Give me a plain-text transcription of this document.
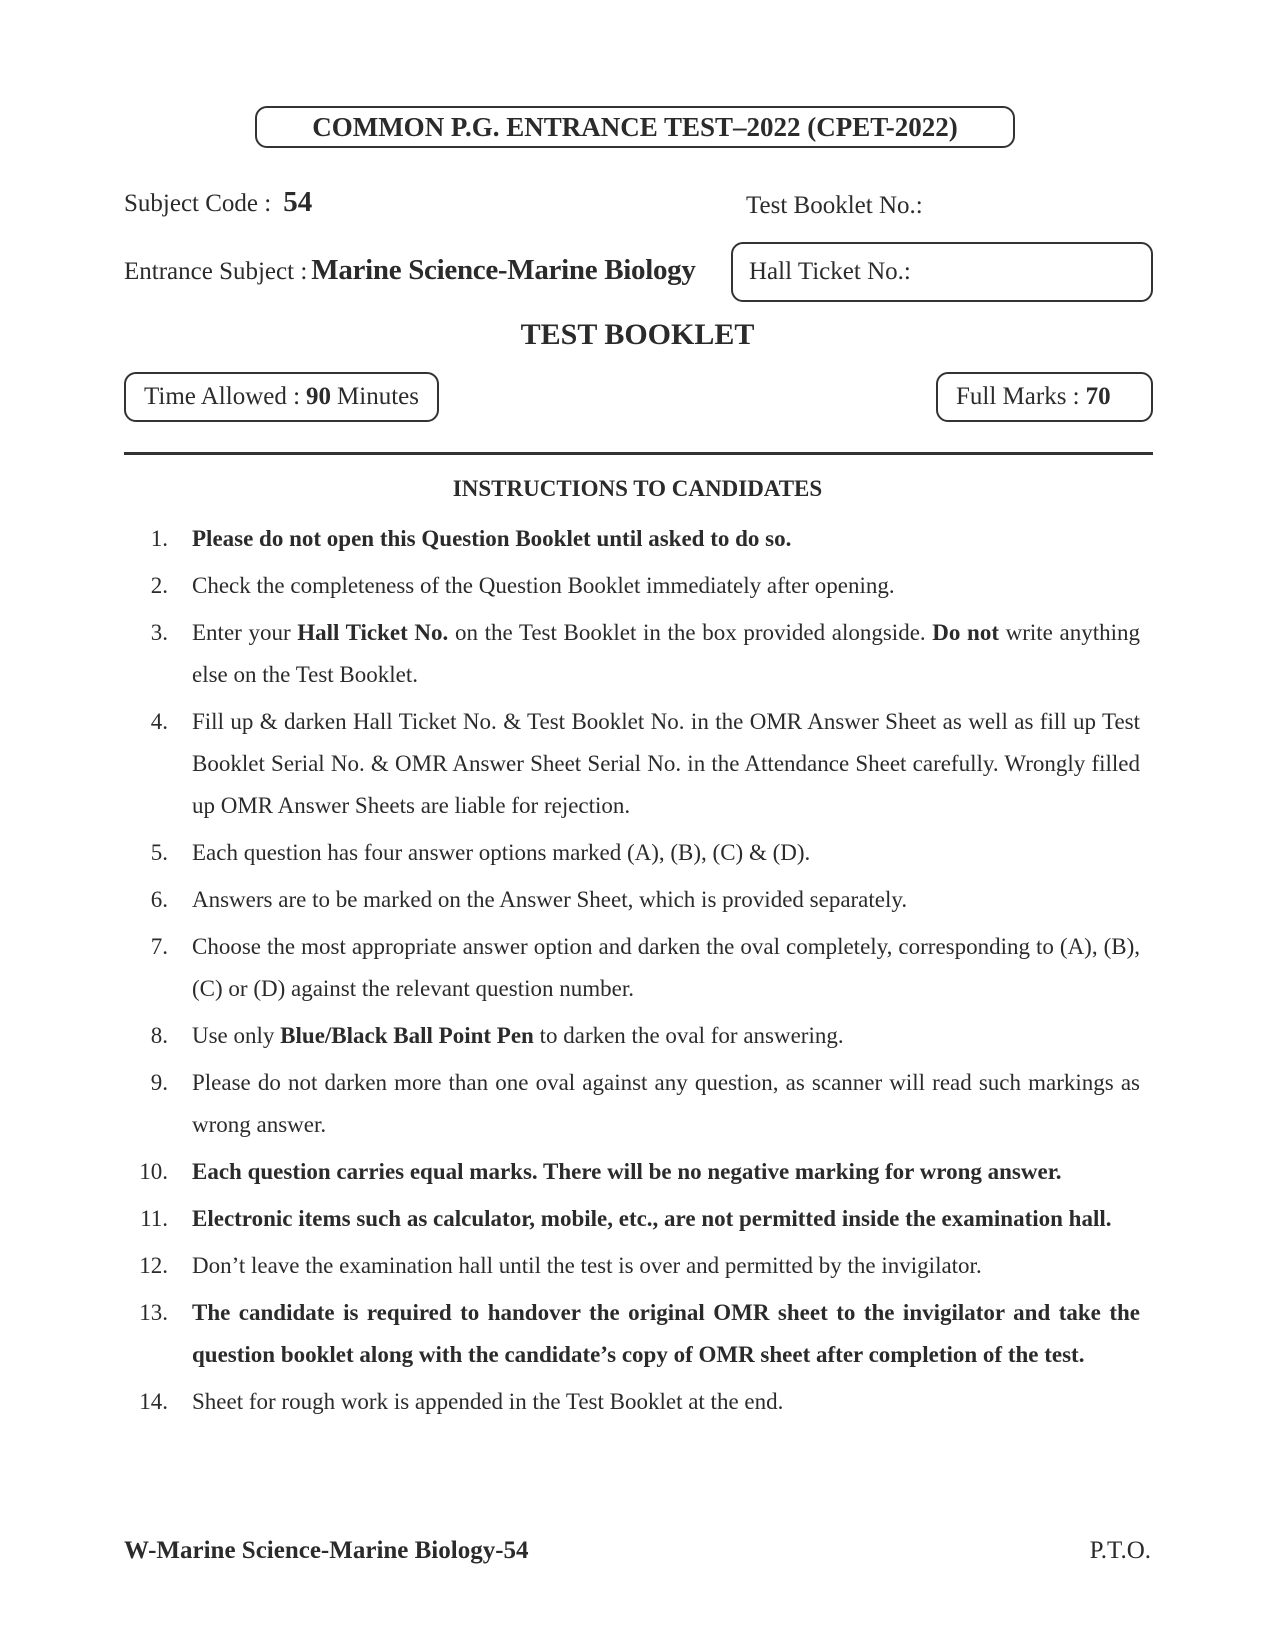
COMMON P.G. ENTRANCE TEST–2022 (CPET-2022)
Subject Code : 54	Test Booklet No.:
Entrance Subject : Marine Science-Marine Biology Hall Ticket No.:
TEST BOOKLET
Time Allowed : 90 Minutes	Full Marks : 70
INSTRUCTIONS TO CANDIDATES
1.	Please do not open this Question Booklet until asked to do so.
2.	Check the completeness of the Question Booklet immediately after opening.
3.	Enter your Hall Ticket No. on the Test Booklet in the box provided alongside. Do not write anything else on the Test Booklet.
4.	Fill up & darken Hall Ticket No. & Test Booklet No. in the OMR Answer Sheet as well as fill up Test Booklet Serial No. & OMR Answer Sheet Serial No. in the Attendance Sheet carefully. Wrongly filled up OMR Answer Sheets are liable for rejection.
5.	Each question has four answer options marked (A), (B), (C) & (D).
6.	Answers are to be marked on the Answer Sheet, which is provided separately.
7.	Choose the most appropriate answer option and darken the oval completely, corresponding to (A), (B), (C) or (D) against the relevant question number.
8.	Use only Blue/Black Ball Point Pen to darken the oval for answering.
9.	Please do not darken more than one oval against any question, as scanner will read such markings as wrong answer.
10.	Each question carries equal marks. There will be no negative marking for wrong answer.
11.	Electronic items such as calculator, mobile, etc., are not permitted inside the examination hall.
12.	Don’t leave the examination hall until the test is over and permitted by the invigilator.
13.	The candidate is required to handover the original OMR sheet to the invigilator and take the question booklet along with the candidate’s copy of OMR sheet after completion of the test.
14.	Sheet for rough work is appended in the Test Booklet at the end.
W-Marine Science-Marine Biology-54	P.T.O.
